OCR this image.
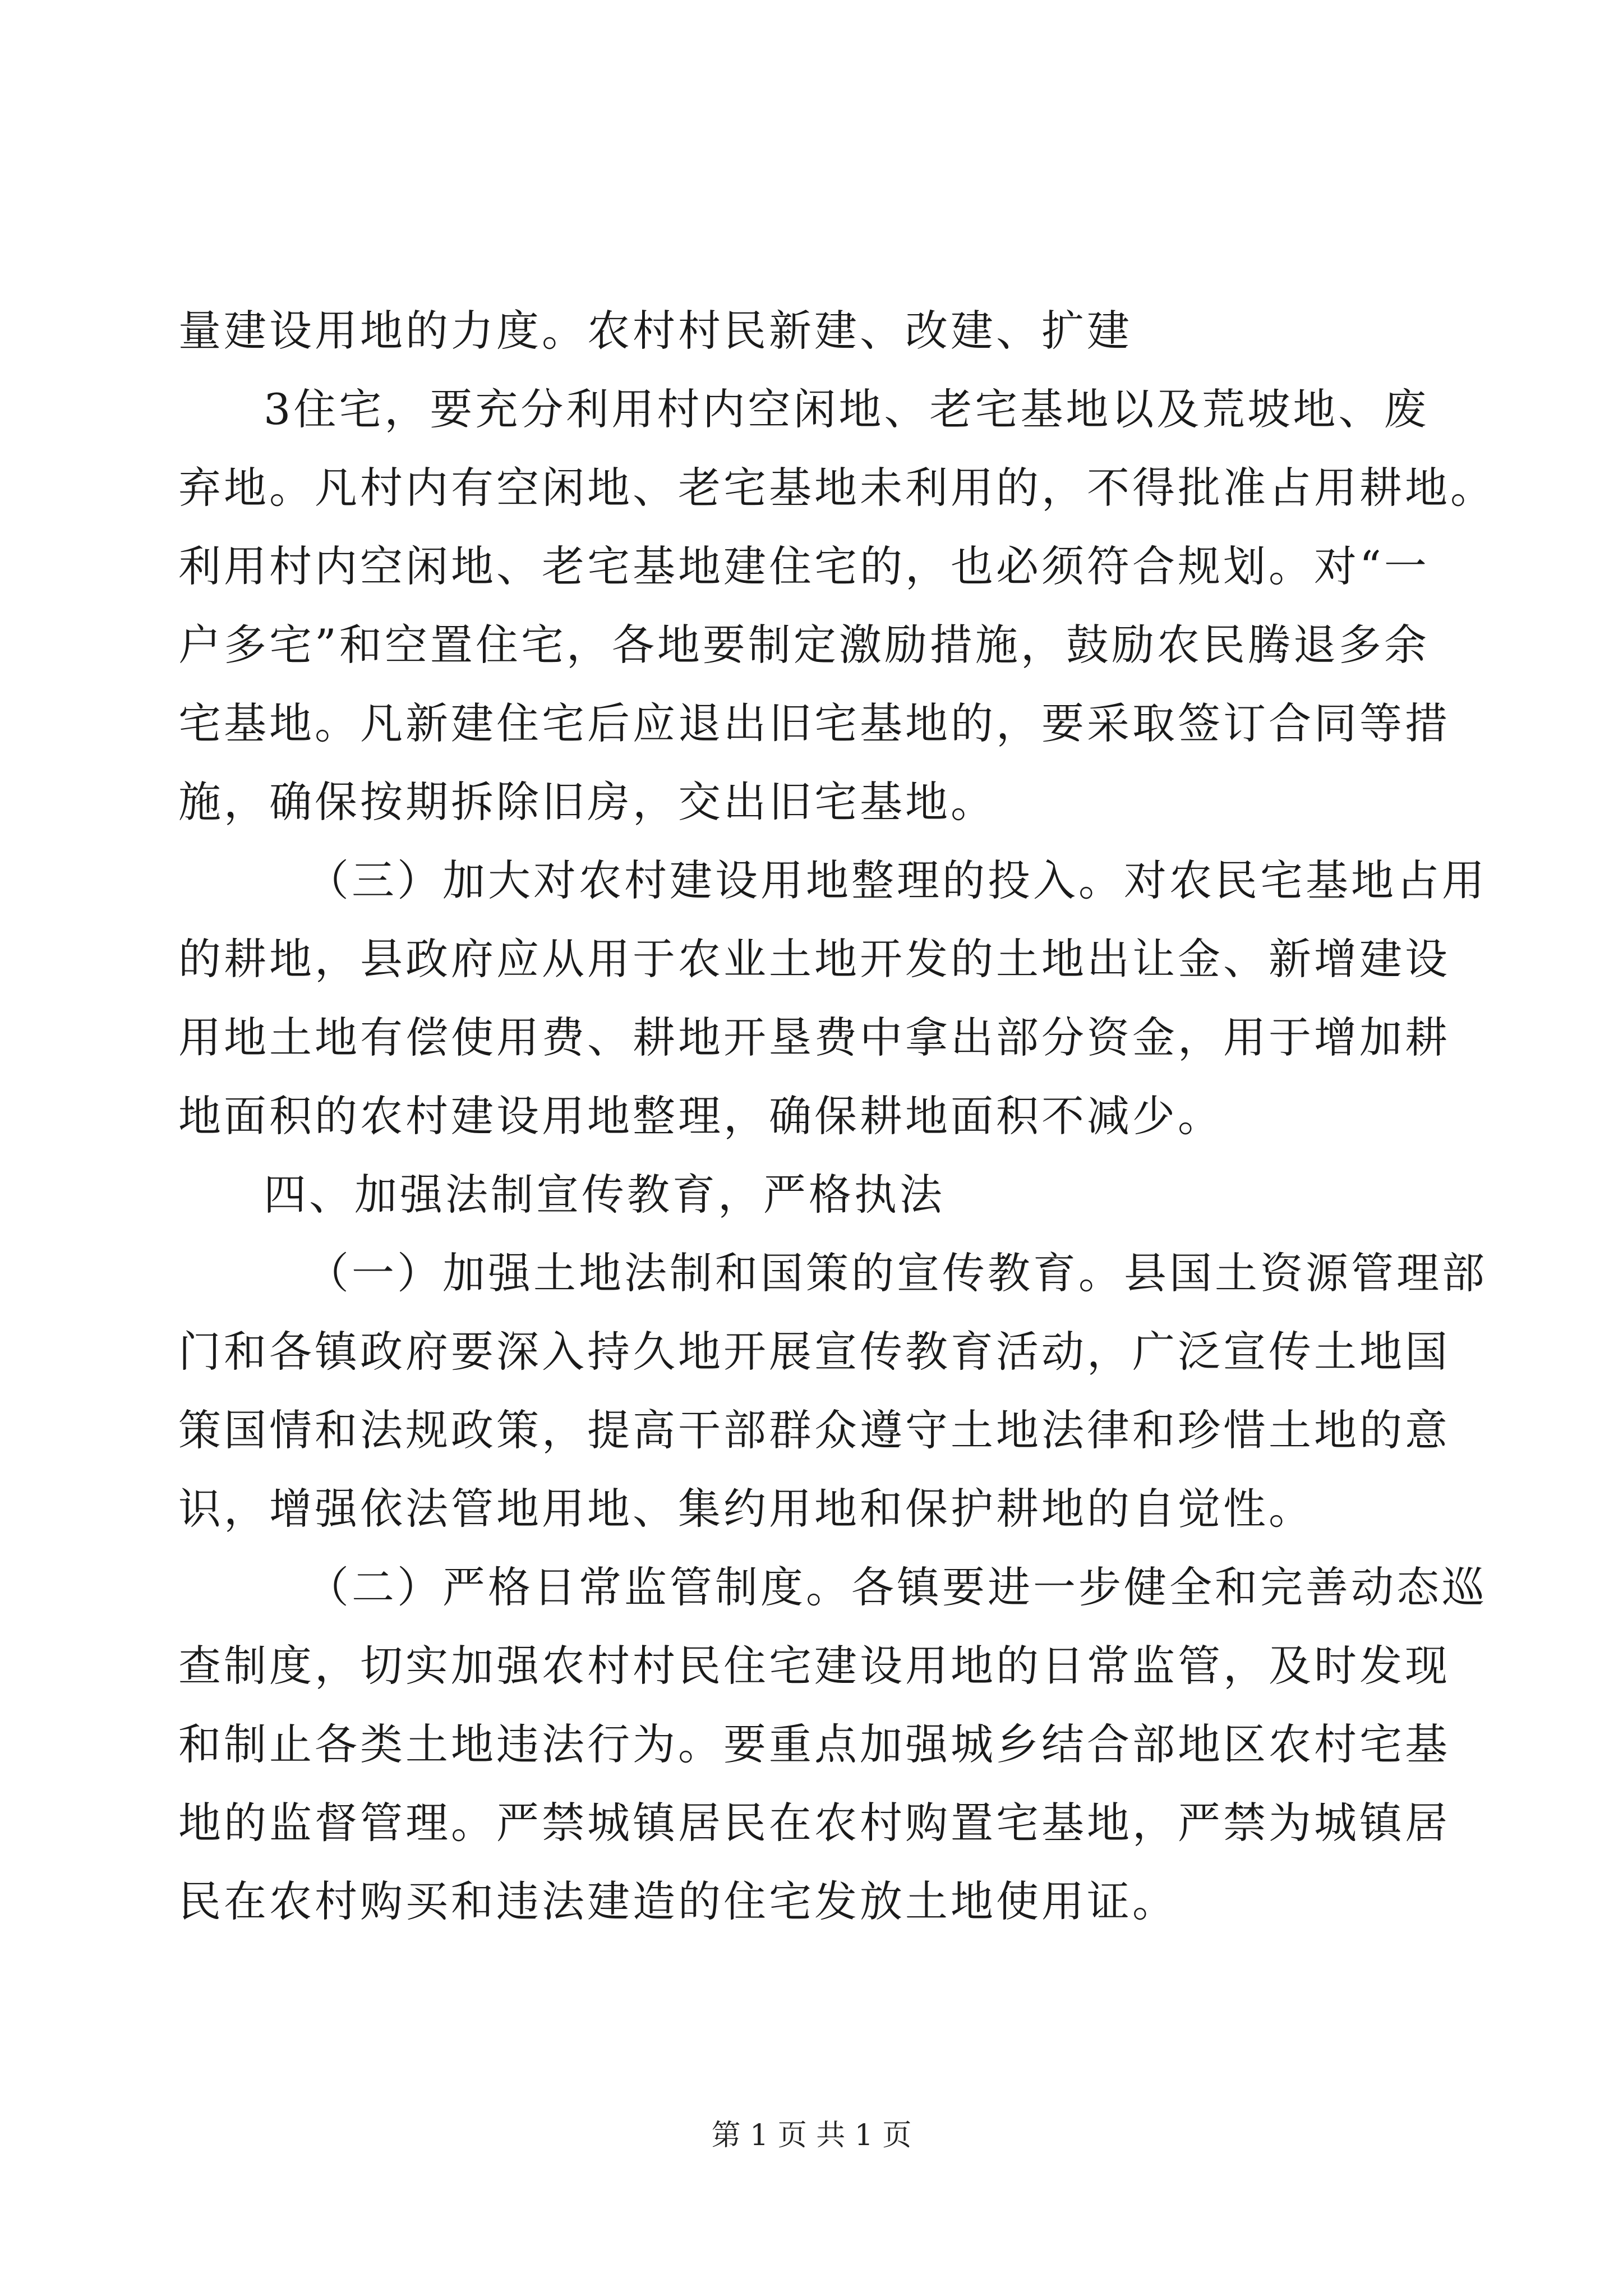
量建设用地的力度。农村村民新建、改建、扩建
3住宅，要充分利用村内空闲地、老宅基地以及荒坡地、废
弃地。凡村内有空闲地、老宅基地未利用的，不得批准占用耕地。
利用村内空闲地、老宅基地建住宅的，也必须符合规划。对“一
户多宅”和空置住宅，各地要制定激励措施，鼓励农民腾退多余
宅基地。凡新建住宅后应退出旧宅基地的，要采取签订合同等措
施，确保按期拆除旧房，交出旧宅基地。
（三）加大对农村建设用地整理的投入。对农民宅基地占用
的耕地，县政府应从用于农业土地开发的土地出让金、新增建设
用地土地有偿使用费、耕地开垦费中拿出部分资金，用于增加耕
地面积的农村建设用地整理，确保耕地面积不减少。
四、加强法制宣传教育，严格执法
（一）加强土地法制和国策的宣传教育。县国土资源管理部
门和各镇政府要深入持久地开展宣传教育活动，广泛宣传土地国
策国情和法规政策，提高干部群众遵守土地法律和珍惜土地的意
识，增强依法管地用地、集约用地和保护耕地的自觉性。
（二）严格日常监管制度。各镇要进一步健全和完善动态巡
查制度，切实加强农村村民住宅建设用地的日常监管，及时发现
和制止各类土地违法行为。要重点加强城乡结合部地区农村宅基
地的监督管理。严禁城镇居民在农村购置宅基地，严禁为城镇居
民在农村购买和违法建造的住宅发放土地使用证。
第 1 页 共 1 页
